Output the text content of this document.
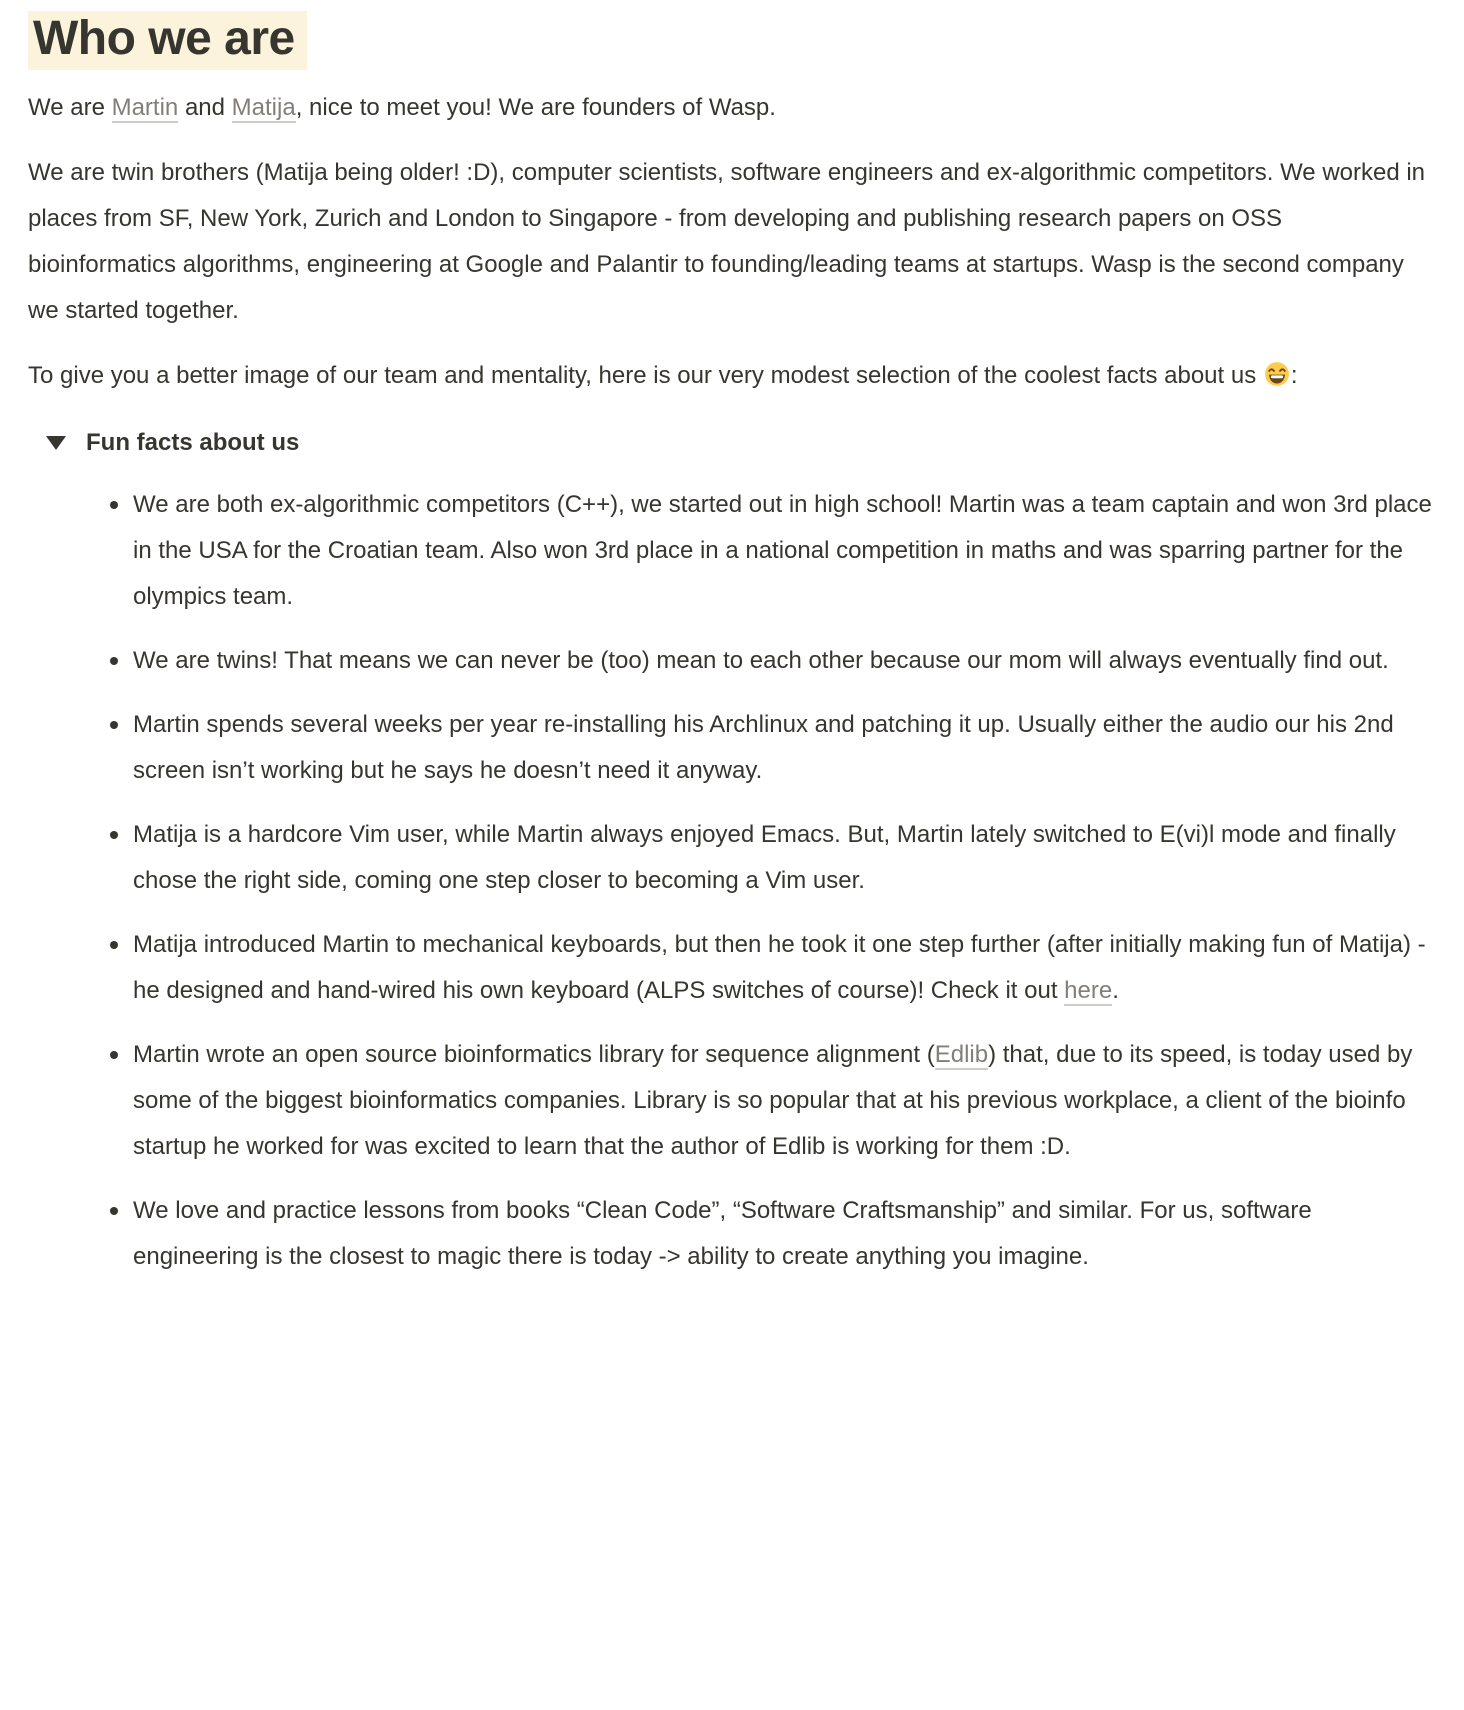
Who we are

We are Martin and Matija, nice to meet you! We are founders of Wasp.

We are twin brothers (Matija being older! :D), computer scientists, software engineers and ex-algorithmic competitors. We worked in places from SF, New York, Zurich and London to Singapore - from developing and publishing research papers on OSS bioinformatics algorithms, engineering at Google and Palantir to founding/leading teams at startups. Wasp is the second company we started together.

To give you a better image of our team and mentality, here is our very modest selection of the coolest facts about us :

Fun facts about us
We are both ex-algorithmic competitors (C++), we started out in high school! Martin was a team captain and won 3rd place in the USA for the Croatian team. Also won 3rd place in a national competition in maths and was sparring partner for the olympics team.
We are twins! That means we can never be (too) mean to each other because our mom will always eventually find out.
Martin spends several weeks per year re-installing his Archlinux and patching it up. Usually either the audio our his 2nd screen isn’t working but he says he doesn’t need it anyway.
Matija is a hardcore Vim user, while Martin always enjoyed Emacs. But, Martin lately switched to E(vi)l mode and finally chose the right side, coming one step closer to becoming a Vim user.
Matija introduced Martin to mechanical keyboards, but then he took it one step further (after initially making fun of Matija) - he designed and hand-wired his own keyboard (ALPS switches of course)! Check it out here.
Martin wrote an open source bioinformatics library for sequence alignment (Edlib) that, due to its speed, is today used by some of the biggest bioinformatics companies. Library is so popular that at his previous workplace, a client of the bioinfo startup he worked for was excited to learn that the author of Edlib is working for them :D.
We love and practice lessons from books “Clean Code”, “Software Craftsmanship” and similar. For us, software engineering is the closest to magic there is today -> ability to create anything you imagine.
